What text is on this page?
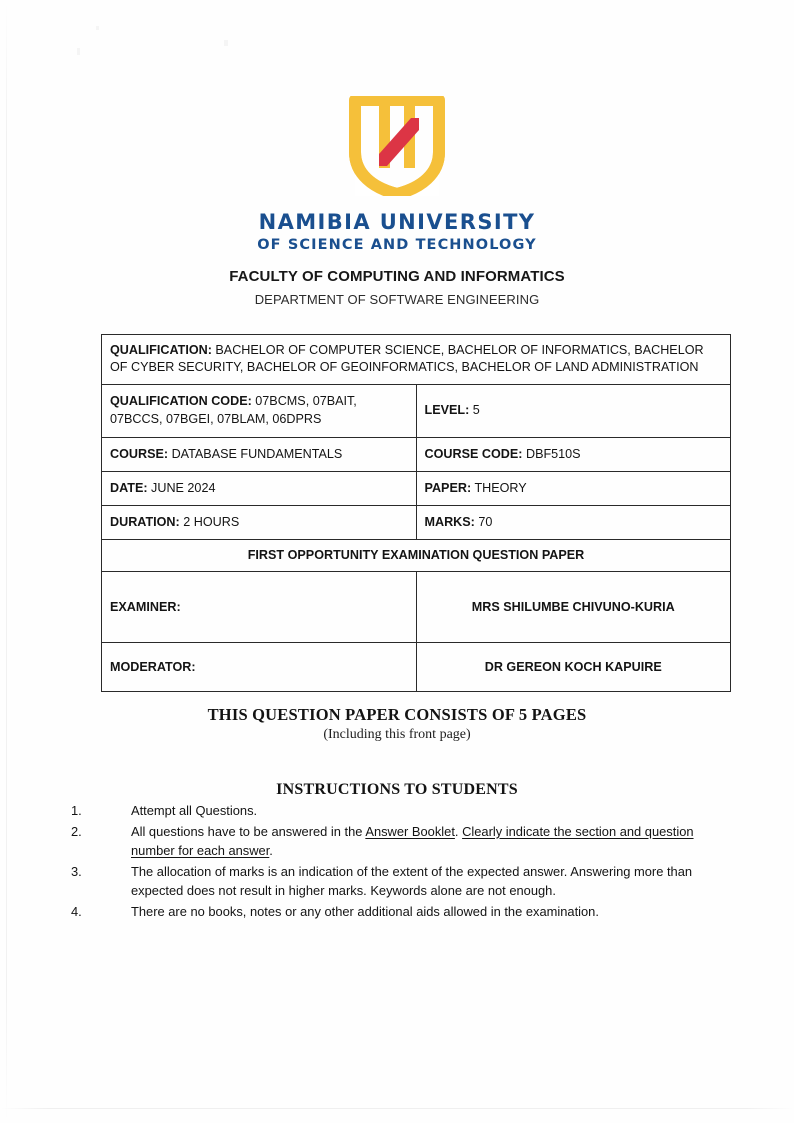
NAMIBIA UNIVERSITY
OF SCIENCE AND TECHNOLOGY
FACULTY OF COMPUTING AND INFORMATICS
DEPARTMENT OF SOFTWARE ENGINEERING
QUALIFICATION: BACHELOR OF COMPUTER SCIENCE, BACHELOR OF INFORMATICS, BACHELOR OF CYBER SECURITY, BACHELOR OF GEOINFORMATICS, BACHELOR OF LAND ADMINISTRATION	
QUALIFICATION CODE: 07BCMS, 07BAIT, 07BCCS, 07BGEI, 07BLAM, 06DPRS	LEVEL: 5
COURSE: DATABASE FUNDAMENTALS	COURSE CODE: DBF510S
DATE: JUNE 2024	PAPER: THEORY
DURATION: 2 HOURS	MARKS: 70
FIRST OPPORTUNITY EXAMINATION QUESTION PAPER	
EXAMINER:	MRS SHILUMBE CHIVUNO-KURIA
MODERATOR:	DR GEREON KOCH KAPUIRE
THIS QUESTION PAPER CONSISTS OF 5 PAGES
(Including this front page)
INSTRUCTIONS TO STUDENTS
1.	Attempt all Questions.
2.	All questions have to be answered in the Answer Booklet. Clearly indicate the section and question number for each answer.
3.	The allocation of marks is an indication of the extent of the expected answer. Answering more than expected does not result in higher marks. Keywords alone are not enough.
4.	There are no books, notes or any other additional aids allowed in the examination.
